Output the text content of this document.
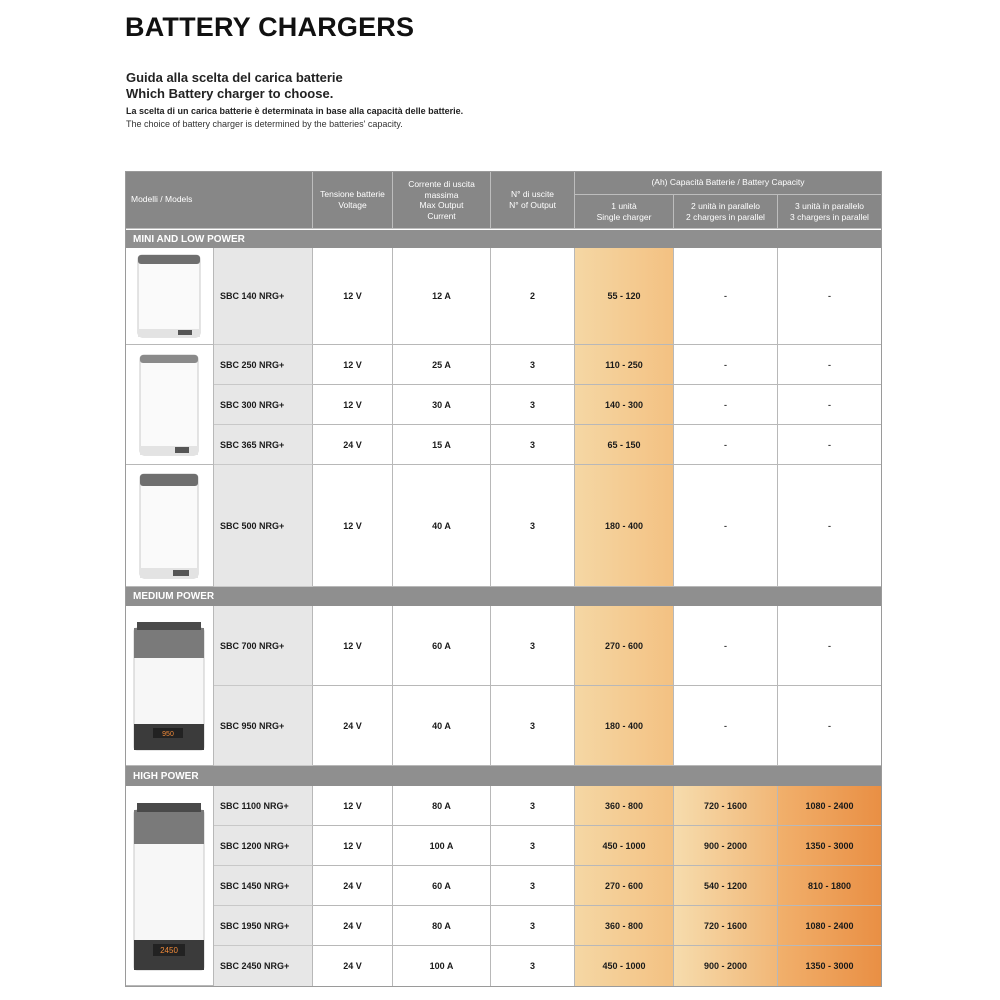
BATTERY CHARGERS
Guida alla scelta del carica batterie
Which Battery charger to choose.
La scelta di un carica batterie è determinata in base alla capacità delle batterie.
The choice of battery charger is determined by the batteries' capacity.
Modelli / Models
Tensione batterie
Voltage
Corrente di uscita
massima
Max Output
Current
N° di uscite
N° of Output
(Ah) Capacità Batterie / Battery Capacity
1 unità
Single charger
2 unità in parallelo
2 chargers in parallel
3 unità in parallelo
3 chargers in parallel
MINI AND LOW POWER
MEDIUM POWER
HIGH POWER
950
2450
SBC 140 NRG+	12 V	12 A	2	55 - 120	-	-
SBC 250 NRG+	12 V	25 A	3	110 - 250	-	-
SBC 300 NRG+	12 V	30 A	3	140 - 300	-	-
SBC 365 NRG+	24 V	15 A	3	65 - 150	-	-
SBC 500 NRG+	12 V	40 A	3	180 - 400	-	-
SBC 700 NRG+	12 V	60 A	3	270 - 600	-	-
SBC 950 NRG+	24 V	40 A	3	180 - 400	-	-
SBC 1100 NRG+	12 V	80 A	3	360 - 800	720 - 1600	1080 - 2400
SBC 1200 NRG+	12 V	100 A	3	450 - 1000	900 - 2000	1350 - 3000
SBC 1450 NRG+	24 V	60 A	3	270 - 600	540 - 1200	810 - 1800
SBC 1950 NRG+	24 V	80 A	3	360 - 800	720 - 1600	1080 - 2400
SBC 2450 NRG+	24 V	100 A	3	450 - 1000	900 - 2000	1350 - 3000
